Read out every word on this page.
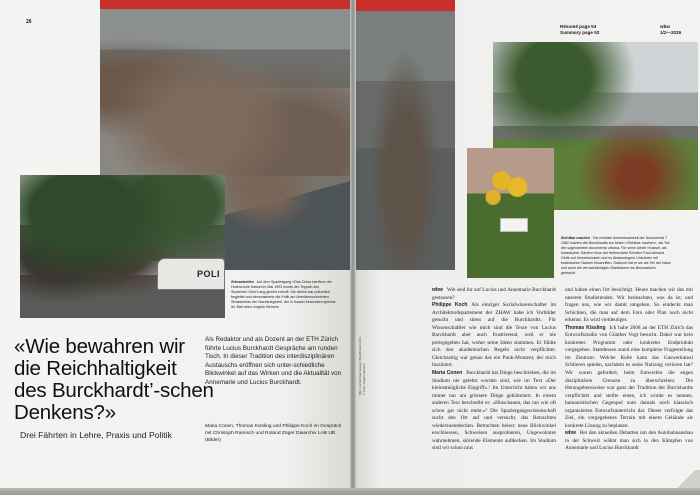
26
Résumé page 53
Summary page 53
wbw
1/2—2026
POLI
Zebrastreifen Auf dem Spaziergang «Das Zebra streifen» der Hochschule Kassel im Mai 1993 wurde der Teppich des Studenten Gerd Lang gezielt entrollt. Die Aktion war polizeilich begleitet und demonstrierte die Kritik am überdimensionierten Strassenbau der Nachkriegszeit, der in Kassel besonders spürbar ist. Bild oben: Angela Siemers
Sichtbar machen Die mediale Aufmerksamkeit der Documenta 7 1982 nutzten die Burckhardts zur Aktion «Sichtbar machen», als Teil der sogenannten documenta urbana. Für seine Arbeit «Kassel, als botanischer Garten» liess der befreundete Künstler Paul-Armand Gette auf Verkehrsinseln und im Abstandsgrün Unkräuter mit botanischen Namen beschriften. Dadurch hat er sie als Teil der Natur und auch die vernachlässigten Stadträume ins Bewusstsein gebracht.
«Wie bewahren wir die Reichhaltigkeit des Burckhardt’-schen Denkens?»
Drei Fährten in Lehre, Praxis und Politik

Als Redaktor und als Dozent an der ETH Zürich führte Lucius Burckhardt Gespräche am runden Tisch. In dieser Tradition des interdisziplinären Austauschs eröffnen sich unter-schiedliche Blickwinkel auf das Wirken und die Aktualität von Annemarie und Lucius Burckhardt.

Maria Conen, Thomas Kissling und Philippe Koch im Gespräch mit Christoph Ramisch und Roland Züger Diaarchiv LAB UB (Bilder)

Bild: Hochschule Kassel / Burckhardt Archiv © Foto: Angela Siemers

wbw Wie seid ihr auf Lucius und Annemarie Burckhardt gestossen?

Philippe Koch Als einziger Sozialwissenschafter im Architekturdepartement der ZHAW habe ich Vorbilder gesucht und stiess auf die Burckhardts. Für Wissenschaftler wie mich sind die Texte von Lucius Burckhardt aber auch frustrierend, weil er nie preisgegeben hat, woher seine Ideen stammen. Er fühlte sich den akademischen Regeln nicht verpflichtet. Gleichzeitig war genau das ein Punk-Moment, der mich fasziniert.

Maria Conen Burckhardt hat Dinge beschrieben, die im Studium nie gelehrt worden sind, wie im Text «Der kleinstmögliche Eingriff».¹ Im Unterricht haben wir uns immer nur um grössere Dinge gekümmert. In einem anderen Text beschreibt er: «Hinschauen, das tun wie oft schon gar nicht mehr.»² Die Spaziergangswissenschaft sucht den Ort auf und versucht, das Betrachten wiederzuentdecken. Betrachten heisst: neue Blickwinkel erschliessen, Schweisen ausprobieren, Ungewohntes wahrnehmen, störende Elemente aufdecken. Im Studium sind wir schon raus

und haben einen Ort besichtigt. Heute machen wir das mit unseren Studierenden. Wir beobachten, was da ist, und fragen uns, wie wir damit umgehen. So entdeckt man Schichten, die man auf dem Foto oder Plan noch nicht erkennt. Es wird vieldeutiger.

Thomas Kissling Ich habe 2008 an der ETH Zürich das Entwurfsstudio von Günther Vogt besucht. Dabei war kein konkretes Programm oder konkreter Endprodukt vorgegeben. Stattdessen stand eine komplexe Fragestellung im Zentrum: Welche Rolle kann das Gaswerkareal Schlieren spielen, nachdem es seine Nutzung verloren hat? Wir waren gefordert, beim Entwerfen die engen disziplinären Grenzen zu überschreiten. Die Herangehensweise war ganz der Tradition der Burckhardts verpflichtet und stellte einen, ich würde es nennen, humanistischen Gegenpol zum damals noch klassisch organisierten Entwurfsunterricht dar. Dieser verfolgte das Ziel, ein vorgegebenes Terrain mit einem Gebäude als konkrete Lösung zu beplanen.

wbw Bei den aktuellen Debatten um den Autobahnausbau in der Schweiz wähnt man sich in den Kämpfen von Annemarie und Lucius Burckhardt
